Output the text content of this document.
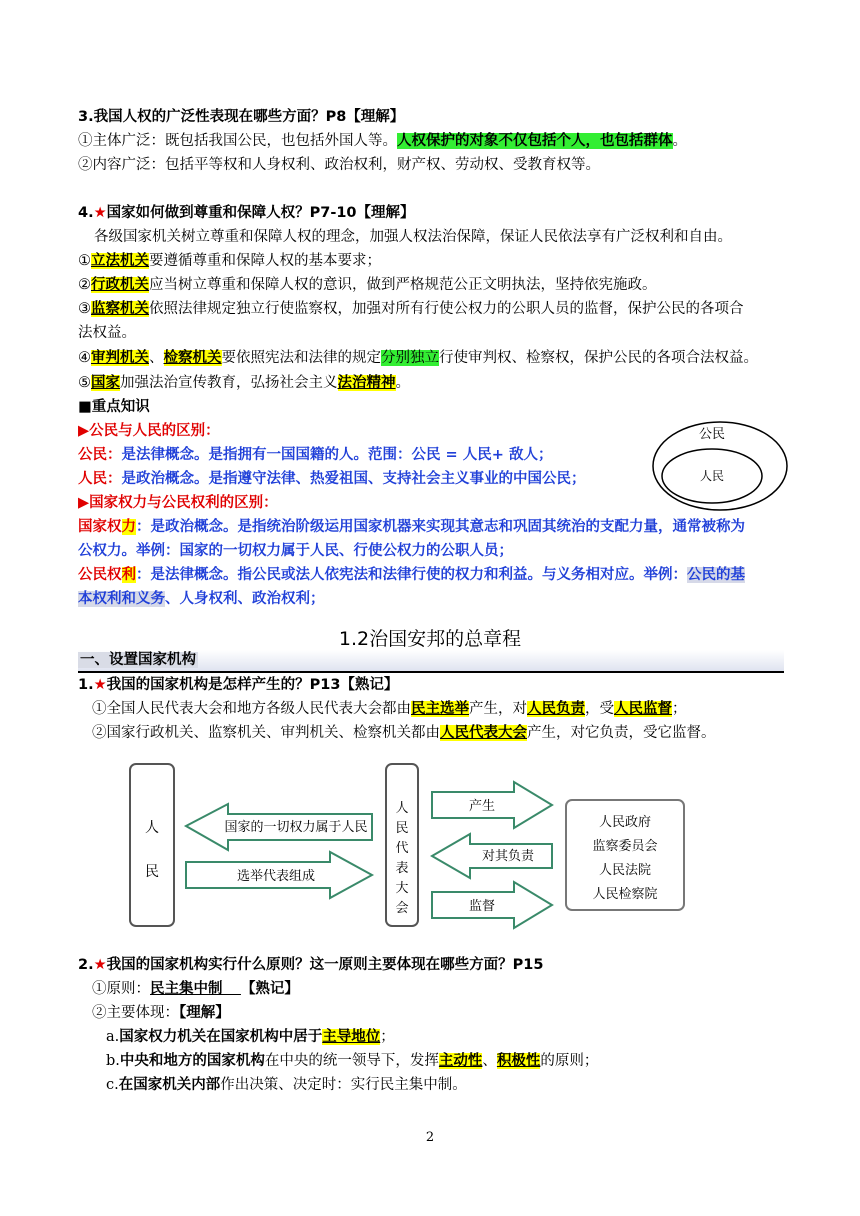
3.我国人权的广泛性表现在哪些方面？P8【理解】
①主体广泛：既包括我国公民，也包括外国人等。人权保护的对象不仅包括个人，也包括群体。
②内容广泛：包括平等权和人身权利、政治权利，财产权、劳动权、受教育权等。
4.★国家如何做到尊重和保障人权？P7-10【理解】
各级国家机关树立尊重和保障人权的理念，加强人权法治保障，保证人民依法享有广泛权利和自由。
①立法机关要遵循尊重和保障人权的基本要求；
②行政机关应当树立尊重和保障人权的意识，做到严格规范公正文明执法，坚持依宪施政。
③监察机关依照法律规定独立行使监察权，加强对所有行使公权力的公职人员的监督，保护公民的各项合
法权益。
④审判机关、检察机关要依照宪法和法律的规定分别独立行使审判权、检察权，保护公民的各项合法权益。
⑤国家加强法治宣传教育，弘扬社会主义法治精神。
■重点知识
▶公民与人民的区别：
公民：是法律概念。是指拥有一国国籍的人。范围：公民 = 人民+ 敌人；
人民：是政治概念。是指遵守法律、热爱祖国、支持社会主义事业的中国公民；
▶国家权力与公民权利的区别：
国家权力：是政治概念。是指统治阶级运用国家机器来实现其意志和巩固其统治的支配力量，通常被称为
公权力。举例：国家的一切权力属于人民、行使公权力的公职人员；
公民权利：是法律概念。指公民或法人依宪法和法律行使的权力和利益。与义务相对应。举例：公民的基
本权利和义务、人身权利、政治权利；
公民
人民
1.2治国安邦的总章程
一、设置国家机构
1.★我国的国家机构是怎样产生的？P13【熟记】
①全国人民代表大会和地方各级人民代表大会都由民主选举产生，对人民负责，受人民监督；
②国家行政机关、监察机关、审判机关、检察机关都由人民代表大会产生，对它负责，受它监督。
人
民
国家的一切权力属于人民
选举代表组成
人
民
代
表
大
会
产生
对其负责
监督
人民政府
监察委员会
人民法院
人民检察院
2.★我国的国家机构实行什么原则？这一原则主要体现在哪些方面？P15
①原则：民主集中制 【熟记】
②主要体现：【理解】
a.国家权力机关在国家机构中居于主导地位；
b.中央和地方的国家机构在中央的统一领导下，发挥主动性、积极性的原则；
c.在国家机关内部作出决策、决定时：实行民主集中制。
2
